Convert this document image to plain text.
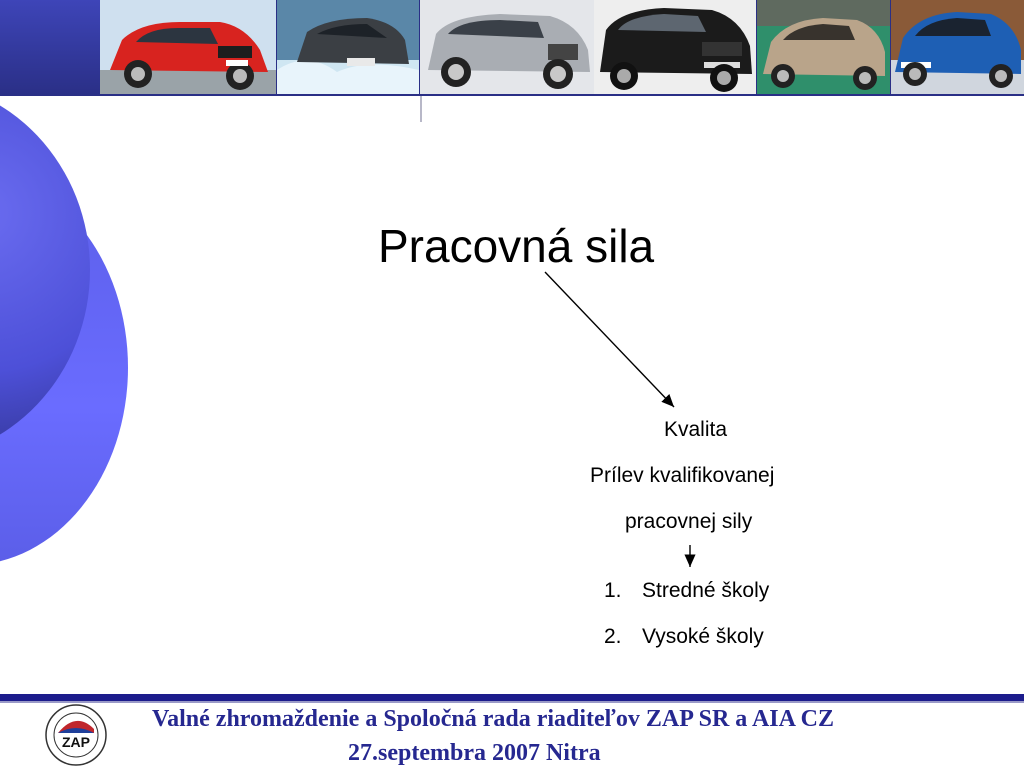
Pracovná sila
Kvalita
Prílev kvalifikovanej
pracovnej sily
1. Stredné školy
2. Vysoké školy
ZAP
Valné zhromaždenie a Spoločná rada riaditeľov ZAP SR a AIA CZ
27.septembra 2007 Nitra
